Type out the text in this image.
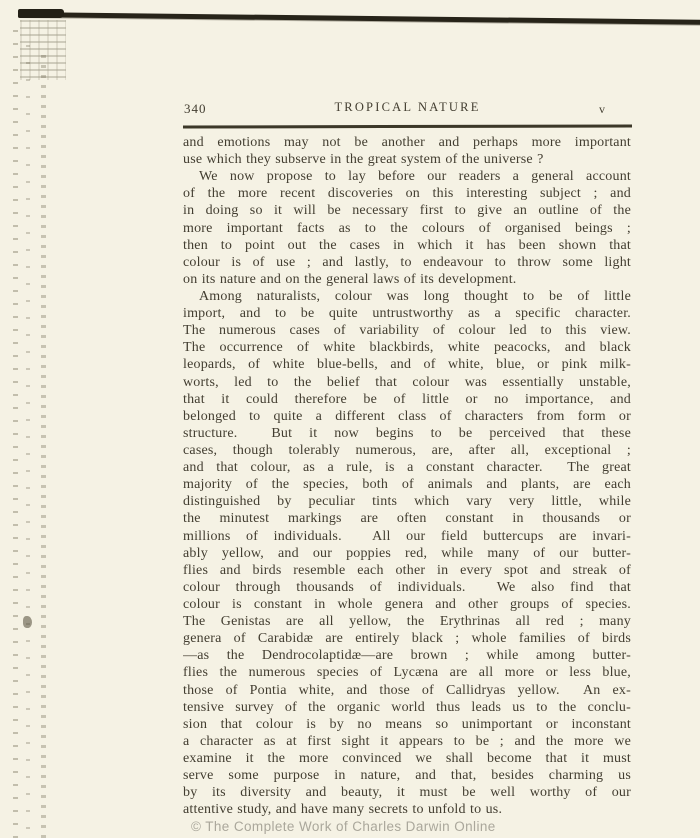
340	TROPICAL NATURE	v
and emotions may not be another and perhaps more important
use which they subserve in the great system of the universe ?
We now propose to lay before our readers a general account
of the more recent discoveries on this interesting subject ; and
in doing so it will be necessary first to give an outline of the
more important facts as to the colours of organised beings ;
then to point out the cases in which it has been shown that
colour is of use ; and lastly, to endeavour to throw some light
on its nature and on the general laws of its development.
Among naturalists, colour was long thought to be of little
import, and to be quite untrustworthy as a specific character.
The numerous cases of variability of colour led to this view.
The occurrence of white blackbirds, white peacocks, and black
leopards, of white blue-bells, and of white, blue, or pink milk-
worts, led to the belief that colour was essentially unstable,
that it could therefore be of little or no importance, and
belonged to quite a different class of characters from form or
structure.  But it now begins to be perceived that these
cases, though tolerably numerous, are, after all, exceptional ;
and that colour, as a rule, is a constant character.  The great
majority of the species, both of animals and plants, are each
distinguished by peculiar tints which vary very little, while
the minutest markings are often constant in thousands or
millions of individuals.  All our field buttercups are invari-
ably yellow, and our poppies red, while many of our butter-
flies and birds resemble each other in every spot and streak of
colour through thousands of individuals.  We also find that
colour is constant in whole genera and other groups of species.
The Genistas are all yellow, the Erythrinas all red ; many
genera of Carabidæ are entirely black ; whole families of birds
—as the Dendrocolaptidæ—are brown ; while among butter-
flies the numerous species of Lycæna are all more or less blue,
those of Pontia white, and those of Callidryas yellow.  An ex-
tensive survey of the organic world thus leads us to the conclu-
sion that colour is by no means so unimportant or inconstant
a character as at first sight it appears to be ; and the more we
examine it the more convinced we shall become that it must
serve some purpose in nature, and that, besides charming us
by its diversity and beauty, it must be well worthy of our
attentive study, and have many secrets to unfold to us.
© The Complete Work of Charles Darwin Online
